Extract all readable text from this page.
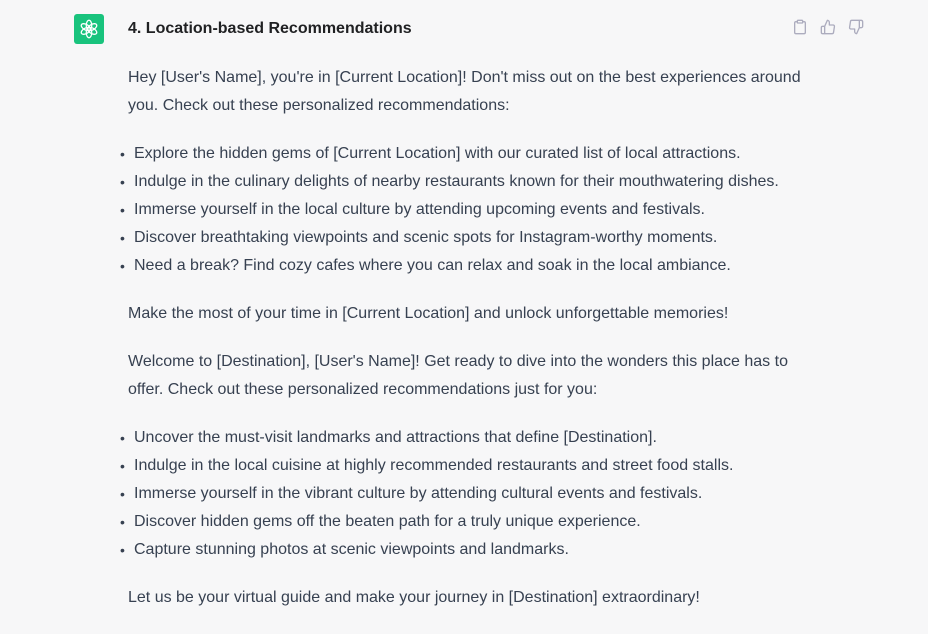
4. Location-based Recommendations

Hey [User's Name], you're in [Current Location]! Don't miss out on the best experiences around you. Check out these personalized recommendations:

• Explore the hidden gems of [Current Location] with our curated list of local attractions.
• Indulge in the culinary delights of nearby restaurants known for their mouthwatering dishes.
• Immerse yourself in the local culture by attending upcoming events and festivals.
• Discover breathtaking viewpoints and scenic spots for Instagram-worthy moments.
• Need a break? Find cozy cafes where you can relax and soak in the local ambiance.

Make the most of your time in [Current Location] and unlock unforgettable memories!

Welcome to [Destination], [User's Name]! Get ready to dive into the wonders this place has to offer. Check out these personalized recommendations just for you:

• Uncover the must-visit landmarks and attractions that define [Destination].
• Indulge in the local cuisine at highly recommended restaurants and street food stalls.
• Immerse yourself in the vibrant culture by attending cultural events and festivals.
• Discover hidden gems off the beaten path for a truly unique experience.
• Capture stunning photos at scenic viewpoints and landmarks.

Let us be your virtual guide and make your journey in [Destination] extraordinary!
